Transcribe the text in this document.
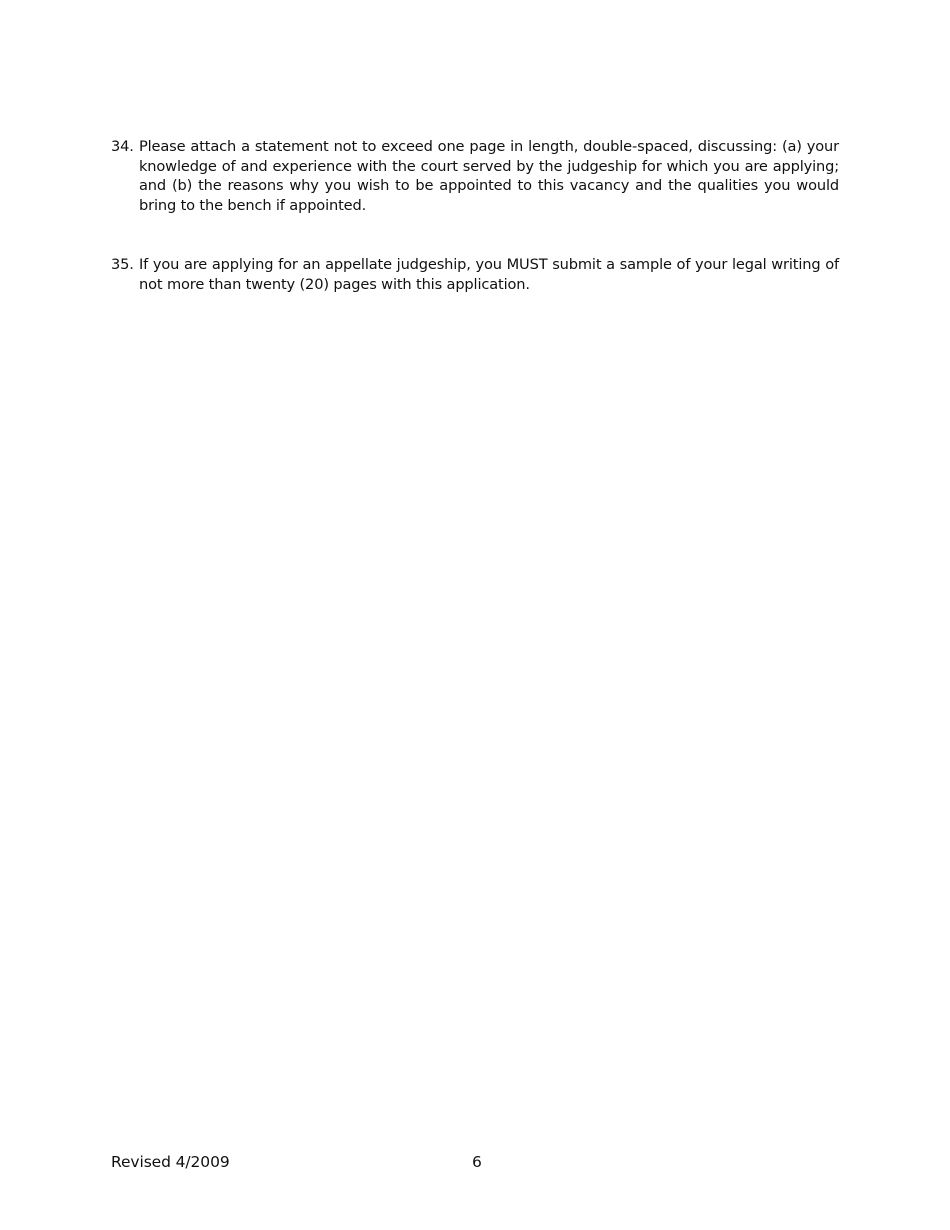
34. Please attach a statement not to exceed one page in length, double-spaced, discussing: (a) your knowledge of and experience with the court served by the judgeship for which you are applying; and (b) the reasons why you wish to be appointed to this vacancy and the qualities you would bring to the bench if appointed.
35. If you are applying for an appellate judgeship, you MUST submit a sample of your legal writing of not more than twenty (20) pages with this application.
Revised 4/2009	6
